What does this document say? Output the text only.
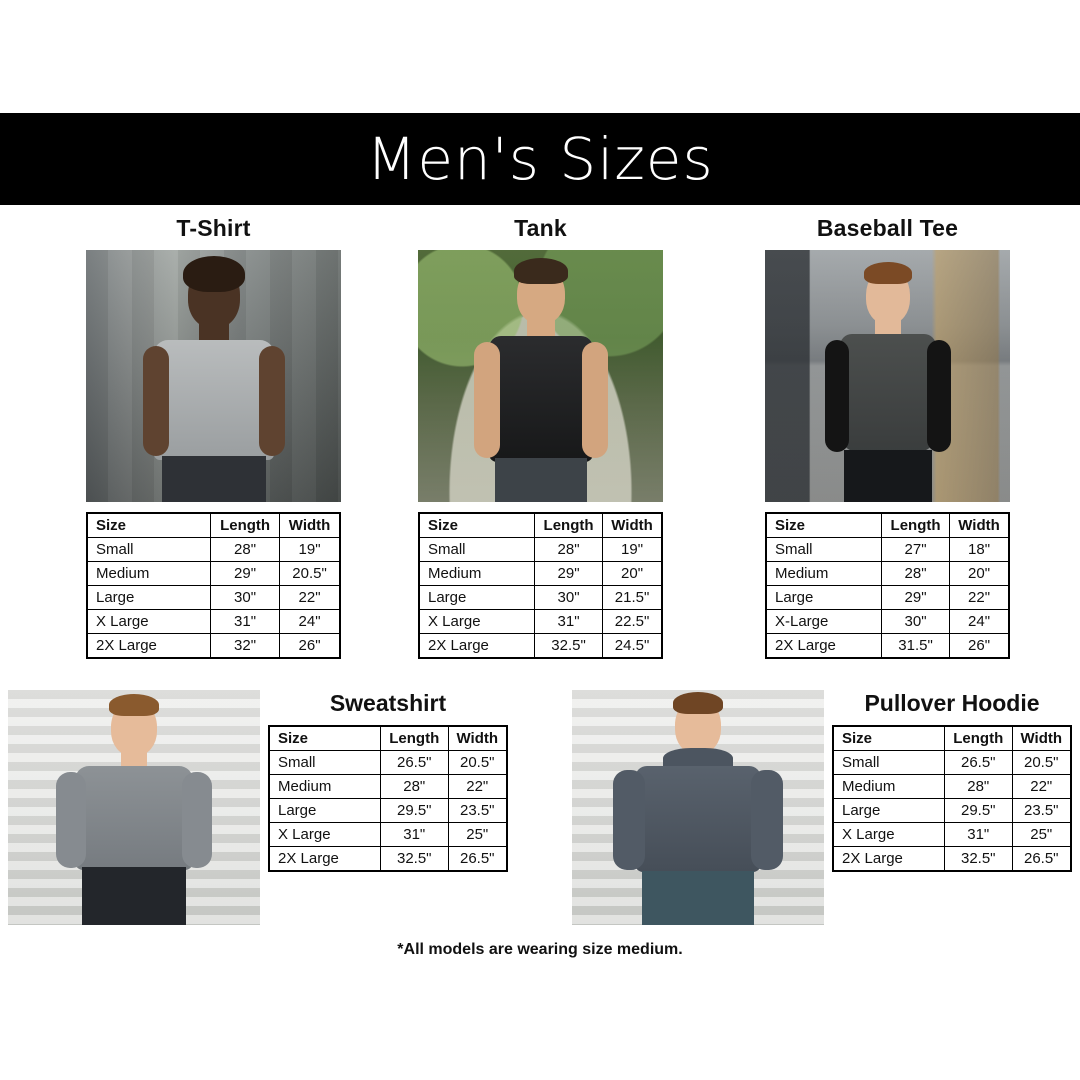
Men's Sizes
T-Shirt
Size	Length	Width
Small	28"	19"
Medium	29"	20.5"
Large	30"	22"
X Large	31"	24"
2X Large	32"	26"
Tank
Size	Length	Width
Small	28"	19"
Medium	29"	20"
Large	30"	21.5"
X Large	31"	22.5"
2X Large	32.5"	24.5"
Baseball Tee
Size	Length	Width
Small	27"	18"
Medium	28"	20"
Large	29"	22"
X-Large	30"	24"
2X Large	31.5"	26"
Sweatshirt
Size	Length	Width
Small	26.5"	20.5"
Medium	28"	22"
Large	29.5"	23.5"
X Large	31"	25"
2X Large	32.5"	26.5"
Pullover Hoodie
Size	Length	Width
Small	26.5"	20.5"
Medium	28"	22"
Large	29.5"	23.5"
X Large	31"	25"
2X Large	32.5"	26.5"
*All models are wearing size medium.
